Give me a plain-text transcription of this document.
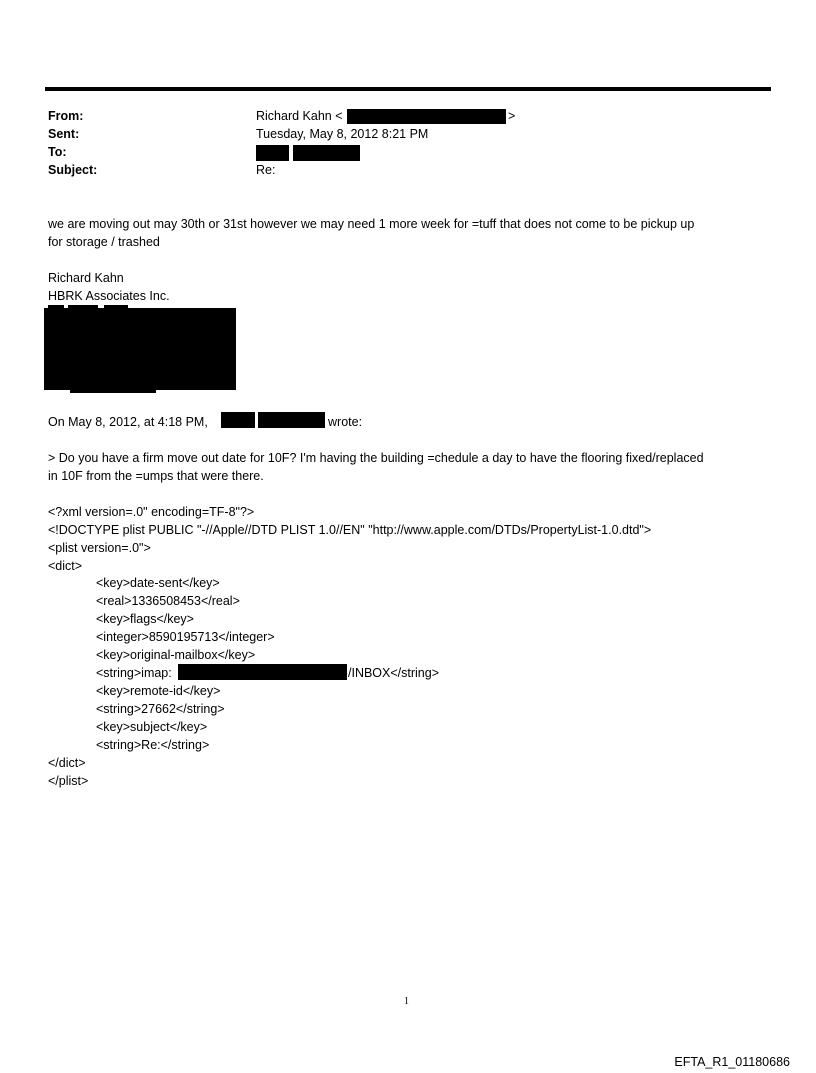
From:	Richard Kahn <	>
Sent:	Tuesday, May 8, 2012 8:21 PM
To:
Subject:	Re:
we are moving out may 30th or 31st however we may need 1 more week for =tuff that does not come to be pickup up
for storage / trashed
Richard Kahn
HBRK Associates Inc.
On May 8, 2012, at 4:18 PM,	wrote:
> Do you have a firm move out date for 10F? I'm having the building =chedule a day to have the flooring fixed/replaced
in 10F from the =umps that were there.
<?xml version=.0" encoding=TF-8"?>
<!DOCTYPE plist PUBLIC "-//Apple//DTD PLIST 1.0//EN" "http://www.apple.com/DTDs/PropertyList-1.0.dtd">
<plist version=.0">
<dict>
<key>date-sent</key>
<real>1336508453</real>
<key>flags</key>
<integer>8590195713</integer>
<key>original-mailbox</key>
<string>imap:	/INBOX</string>
<key>remote-id</key>
<string>27662</string>
<key>subject</key>
<string>Re:</string>
</dict>
</plist>
1
EFTA_R1_01180686
